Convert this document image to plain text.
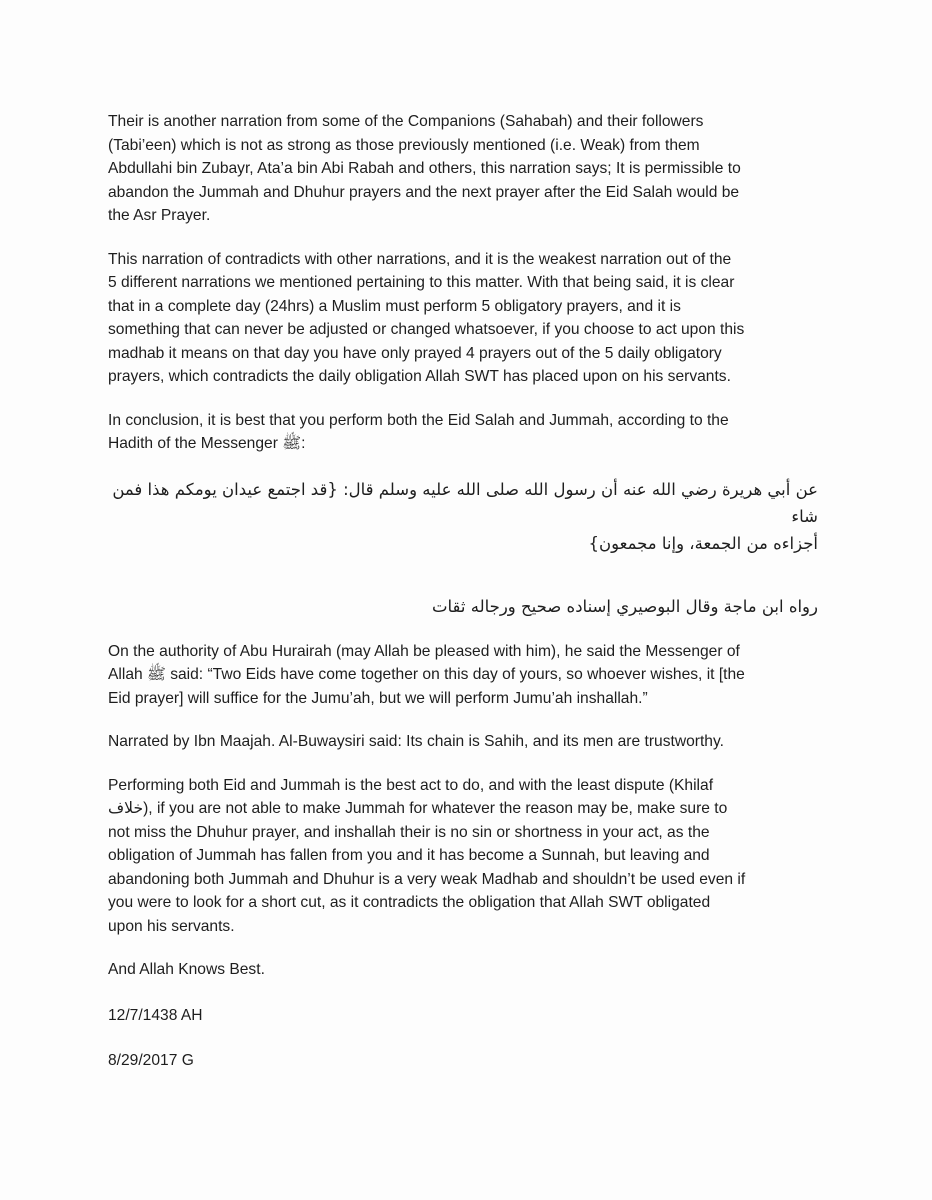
Their is another narration from some of the Companions (Sahabah) and their followers
(Tabi’een) which is not as strong as those previously mentioned (i.e. Weak) from them
Abdullahi bin Zubayr, Ata’a bin Abi Rabah and others, this narration says; It is permissible to
abandon the Jummah and Dhuhur prayers and the next prayer after the Eid Salah would be
the Asr Prayer.

This narration of contradicts with other narrations, and it is the weakest narration out of the
5 different narrations we mentioned pertaining to this matter. With that being said, it is clear
that in a complete day (24hrs) a Muslim must perform 5 obligatory prayers, and it is
something that can never be adjusted or changed whatsoever, if you choose to act upon this
madhab it means on that day you have only prayed 4 prayers out of the 5 daily obligatory
prayers, which contradicts the daily obligation Allah SWT has placed upon on his servants.

In conclusion, it is best that you perform both the Eid Salah and Jummah, according to the
Hadith of the Messenger ﷺ:

عن أبي هريرة رضي الله عنه أن رسول الله صلى الله عليه وسلم قال: {قد اجتمع عيدان يومكم هذا فمن شاء
أجزاءه من الجمعة، وإنا مجمعون}

رواه ابن ماجة وقال البوصيري إسناده صحيح ورجاله ثقات

On the authority of Abu Hurairah (may Allah be pleased with him), he said the Messenger of
Allah ﷺ said: “Two Eids have come together on this day of yours, so whoever wishes, it [the
Eid prayer] will suffice for the Jumu’ah, but we will perform Jumu’ah inshallah.”

Narrated by Ibn Maajah. Al-Buwaysiri said: Its chain is Sahih, and its men are trustworthy.

Performing both Eid and Jummah is the best act to do, and with the least dispute (Khilaf
خلاف), if you are not able to make Jummah for whatever the reason may be, make sure to
not miss the Dhuhur prayer, and inshallah their is no sin or shortness in your act, as the
obligation of Jummah has fallen from you and it has become a Sunnah, but leaving and
abandoning both Jummah and Dhuhur is a very weak Madhab and shouldn’t be used even if
you were to look for a short cut, as it contradicts the obligation that Allah SWT obligated
upon his servants.

And Allah Knows Best.

12/7/1438 AH

8/29/2017 G
